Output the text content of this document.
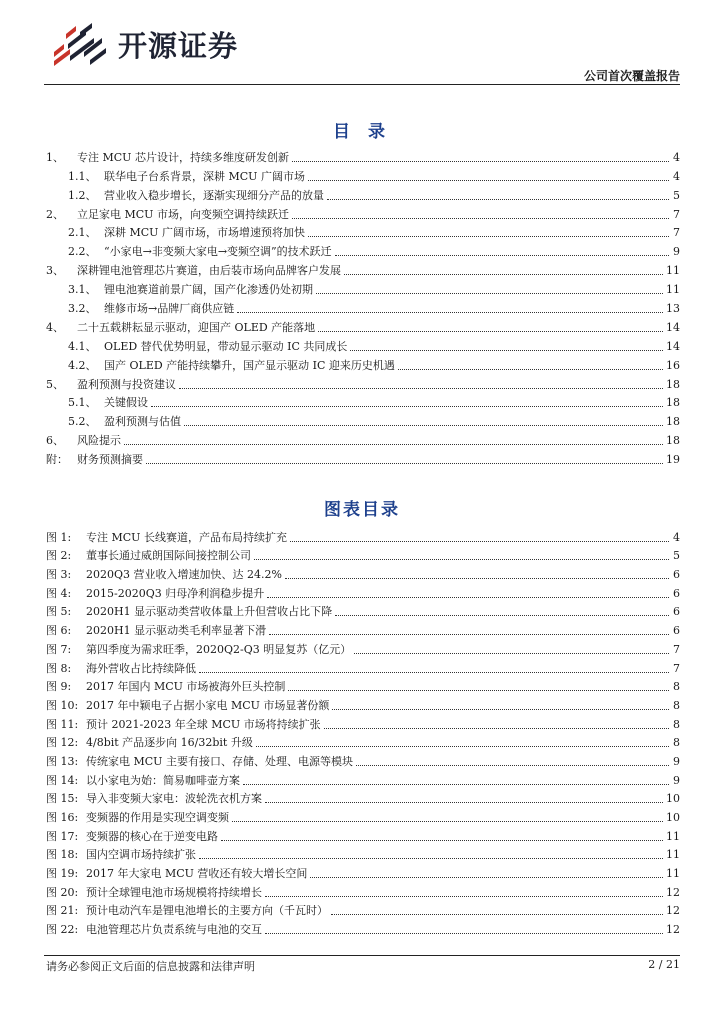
开源证券
公司首次覆盖报告
目 录
1、	专注 MCU 芯片设计，持续多维度研发创新	4
1.1、 联华电子台系背景，深耕 MCU 广阔市场	4
1.2、 营业收入稳步增长，逐渐实现细分产品的放量	5
2、	立足家电 MCU 市场，向变频空调持续跃迁	7
2.1、 深耕 MCU 广阔市场，市场增速预将加快	7
2.2、 “小家电→非变频大家电→变频空调”的技术跃迁	9
3、	深耕锂电池管理芯片赛道，由后装市场向品牌客户发展	11
3.1、 锂电池赛道前景广阔，国产化渗透仍处初期	11
3.2、 维修市场→品牌厂商供应链	13
4、	二十五载耕耘显示驱动，迎国产 OLED 产能落地	14
4.1、 OLED 替代优势明显，带动显示驱动 IC 共同成长	14
4.2、 国产 OLED 产能持续攀升，国产显示驱动 IC 迎来历史机遇	16
5、	盈利预测与投资建议	18
5.1、 关键假设	18
5.2、 盈利预测与估值	18
6、	风险提示	18
附： 财务预测摘要	19
图表目录
图 1:	专注 MCU 长线赛道，产品布局持续扩充	4
图 2:	董事长通过威朗国际间接控制公司	5
图 3:	2020Q3 营业收入增速加快、达 24.2%	6
图 4:	2015-2020Q3 归母净利润稳步提升	6
图 5:	2020H1 显示驱动类营收体量上升但营收占比下降	6
图 6:	2020H1 显示驱动类毛利率显著下滑	6
图 7:	第四季度为需求旺季，2020Q2-Q3 明显复苏（亿元）	7
图 8:	海外营收占比持续降低	7
图 9:	2017 年国内 MCU 市场被海外巨头控制	8
图 10: 2017 年中颖电子占据小家电 MCU 市场显著份额	8
图 11: 预计 2021-2023 年全球 MCU 市场将持续扩张	8
图 12: 4/8bit 产品逐步向 16/32bit 升级	8
图 13: 传统家电 MCU 主要有接口、存储、处理、电源等模块	9
图 14: 以小家电为始：简易咖啡壶方案	9
图 15: 导入非变频大家电：波轮洗衣机方案	10
图 16: 变频器的作用是实现空调变频	10
图 17: 变频器的核心在于逆变电路	11
图 18: 国内空调市场持续扩张	11
图 19: 2017 年大家电 MCU 营收还有较大增长空间	11
图 20: 预计全球锂电池市场规模将持续增长	12
图 21: 预计电动汽车是锂电池增长的主要方向（千瓦时）	12
图 22: 电池管理芯片负责系统与电池的交互	12
请务必参阅正文后面的信息披露和法律声明	2 / 21
